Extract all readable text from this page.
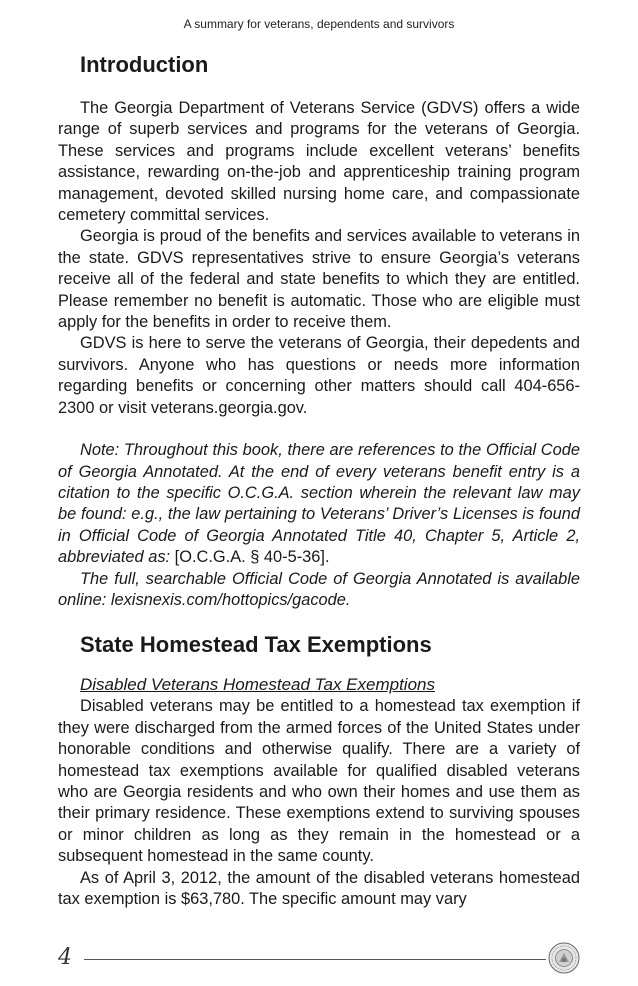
A summary for veterans, dependents and survivors
Introduction

The Georgia Department of Veterans Service (GDVS) offers a wide range of superb services and programs for the veterans of Georgia. These services and programs include excellent veterans’ benefits assistance, rewarding on-the-job and apprenticeship training program management, devoted skilled nursing home care, and compassionate cemetery committal services.

Georgia is proud of the benefits and services available to veterans in the state. GDVS representatives strive to ensure Georgia’s veterans receive all of the federal and state benefits to which they are entitled. Please remember no benefit is automatic. Those who are eligible must apply for the benefits in order to receive them.

GDVS is here to serve the veterans of Georgia, their depedents and survivors. Anyone who has questions or needs more information regarding benefits or concerning other matters should call 404-656-2300 or visit veterans.georgia.gov.

Note: Throughout this book, there are references to the Official Code of Georgia Annotated. At the end of every veterans benefit entry is a citation to the specific O.C.G.A. section wherein the relevant law may be found: e.g., the law pertaining to Veterans’ Driver’s Licenses is found in Official Code of Georgia Annotated Title 40, Chapter 5, Article 2, abbreviated as: [O.C.G.A. § 40-5-36].

The full, searchable Official Code of Georgia Annotated is available online: lexisnexis.com/hottopics/gacode.

State Homestead Tax Exemptions
Disabled Veterans Homestead Tax Exemptions

Disabled veterans may be entitled to a homestead tax exemption if they were discharged from the armed forces of the United States under honorable conditions and otherwise qualify. There are a variety of homestead tax exemptions available for qualified disabled veterans who are Georgia residents and who own their homes and use them as their primary residence. These exemptions extend to surviving spouses or minor children as long as they remain in the homestead or a subsequent homestead in the same county.

As of April 3, 2012, the amount of the disabled veterans homestead tax exemption is $63,780. The specific amount may vary

4
